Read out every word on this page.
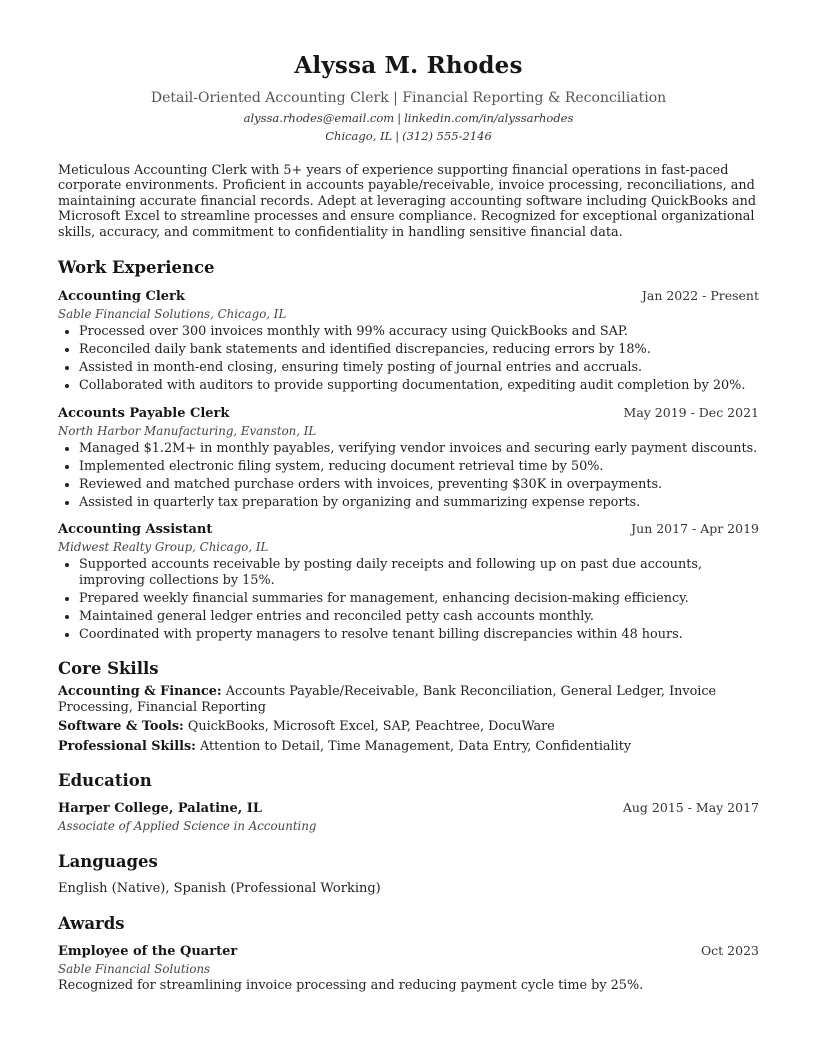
Alyssa M. Rhodes
Detail-Oriented Accounting Clerk | Financial Reporting & Reconciliation
alyssa.rhodes@email.com | linkedin.com/in/alyssarhodes
Chicago, IL | (312) 555-2146
Meticulous Accounting Clerk with 5+ years of experience supporting financial operations in fast-paced corporate environments. Proficient in accounts payable/receivable, invoice processing, reconciliations, and maintaining accurate financial records. Adept at leveraging accounting software including QuickBooks and Microsoft Excel to streamline processes and ensure compliance. Recognized for exceptional organizational skills, accuracy, and commitment to confidentiality in handling sensitive financial data.
Work Experience
Accounting Clerk	Jan 2022 - Present
Sable Financial Solutions, Chicago, IL
• Processed over 300 invoices monthly with 99% accuracy using QuickBooks and SAP.
• Reconciled daily bank statements and identified discrepancies, reducing errors by 18%.
• Assisted in month-end closing, ensuring timely posting of journal entries and accruals.
• Collaborated with auditors to provide supporting documentation, expediting audit completion by 20%.
Accounts Payable Clerk	May 2019 - Dec 2021
North Harbor Manufacturing, Evanston, IL
• Managed $1.2M+ in monthly payables, verifying vendor invoices and securing early payment discounts.
• Implemented electronic filing system, reducing document retrieval time by 50%.
• Reviewed and matched purchase orders with invoices, preventing $30K in overpayments.
• Assisted in quarterly tax preparation by organizing and summarizing expense reports.
Accounting Assistant	Jun 2017 - Apr 2019
Midwest Realty Group, Chicago, IL
• Supported accounts receivable by posting daily receipts and following up on past due accounts, improving collections by 15%.
• Prepared weekly financial summaries for management, enhancing decision-making efficiency.
• Maintained general ledger entries and reconciled petty cash accounts monthly.
• Coordinated with property managers to resolve tenant billing discrepancies within 48 hours.
Core Skills
Accounting & Finance: Accounts Payable/Receivable, Bank Reconciliation, General Ledger, Invoice Processing, Financial Reporting
Software & Tools: QuickBooks, Microsoft Excel, SAP, Peachtree, DocuWare
Professional Skills: Attention to Detail, Time Management, Data Entry, Confidentiality
Education
Harper College, Palatine, IL	Aug 2015 - May 2017
Associate of Applied Science in Accounting
Languages
English (Native), Spanish (Professional Working)
Awards
Employee of the Quarter	Oct 2023
Sable Financial Solutions
Recognized for streamlining invoice processing and reducing payment cycle time by 25%.
